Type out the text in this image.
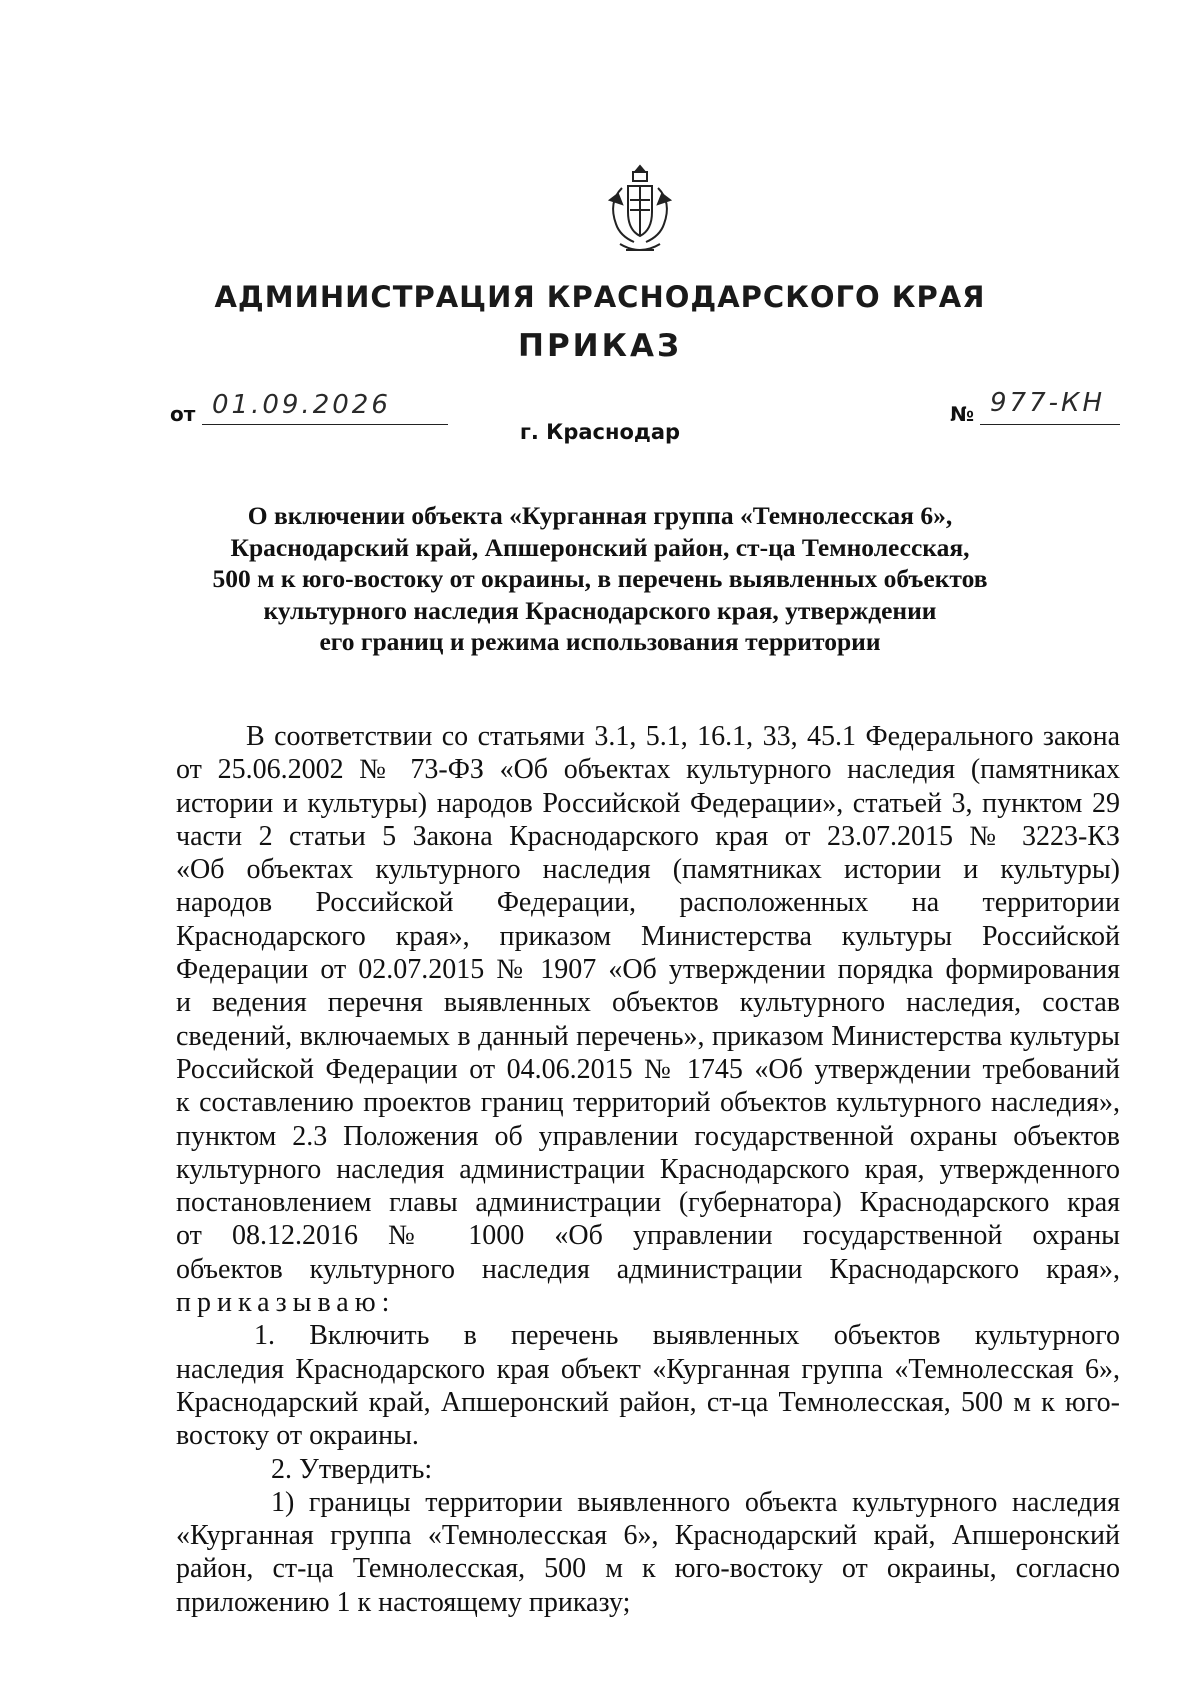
АДМИНИСТРАЦИЯ КРАСНОДАРСКОГО КРАЯ
ПРИКАЗ
от 01.09.2026	№ 977-КН
г. Краснодар
О включении объекта «Курганная группа «Темнолесская 6»,
Краснодарский край, Апшеронский район, ст-ца Темнолесская,
500 м к юго-востоку от окраины, в перечень выявленных объектов
культурного наследия Краснодарского края, утверждении
его границ и режима использования территории

В соответствии со статьями 3.1, 5.1, 16.1, 33, 45.1 Федерального закона

от 25.06.2002 № 73-ФЗ «Об объектах культурного наследия (памятниках

истории и культуры) народов Российской Федерации», статьей 3, пунктом 29

части 2 статьи 5 Закона Краснодарского края от 23.07.2015 № 3223-КЗ

«Об объектах культурного наследия (памятниках истории и культуры)

народов Российской Федерации, расположенных на территории

Краснодарского края», приказом Министерства культуры Российской

Федерации от 02.07.2015 № 1907 «Об утверждении порядка формирования

и ведения перечня выявленных объектов культурного наследия, состав

сведений, включаемых в данный перечень», приказом Министерства культуры

Российской Федерации от 04.06.2015 № 1745 «Об утверждении требований

к составлению проектов границ территорий объектов культурного наследия»,

пунктом 2.3 Положения об управлении государственной охраны объектов

культурного наследия администрации Краснодарского края, утвержденного

постановлением главы администрации (губернатора) Краснодарского края

от 08.12.2016 № 1000 «Об управлении государственной охраны

объектов культурного наследия администрации Краснодарского края»,

приказываю:

1. Включить в перечень выявленных объектов культурного

наследия Краснодарского края объект «Курганная группа «Темнолесская 6»,

Краснодарский край, Апшеронский район, ст-ца Темнолесская, 500 м к юго-

востоку от окраины.

2. Утвердить:

1) границы территории выявленного объекта культурного наследия

«Курганная группа «Темнолесская 6», Краснодарский край, Апшеронский

район, ст-ца Темнолесская, 500 м к юго-востоку от окраины, согласно

приложению 1 к настоящему приказу;
